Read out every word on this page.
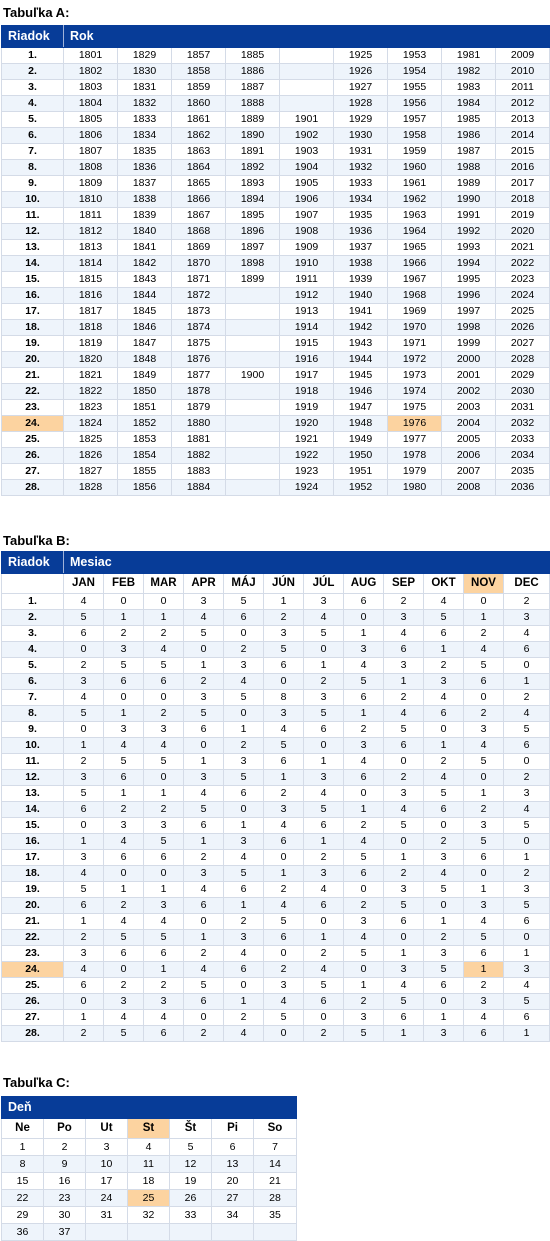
Tabuľka A:
Riadok	Rok								
1.	1801	1829	1857	1885		1925	1953	1981	2009
2.	1802	1830	1858	1886		1926	1954	1982	2010
3.	1803	1831	1859	1887		1927	1955	1983	2011
4.	1804	1832	1860	1888		1928	1956	1984	2012
5.	1805	1833	1861	1889	1901	1929	1957	1985	2013
6.	1806	1834	1862	1890	1902	1930	1958	1986	2014
7.	1807	1835	1863	1891	1903	1931	1959	1987	2015
8.	1808	1836	1864	1892	1904	1932	1960	1988	2016
9.	1809	1837	1865	1893	1905	1933	1961	1989	2017
10.	1810	1838	1866	1894	1906	1934	1962	1990	2018
11.	1811	1839	1867	1895	1907	1935	1963	1991	2019
12.	1812	1840	1868	1896	1908	1936	1964	1992	2020
13.	1813	1841	1869	1897	1909	1937	1965	1993	2021
14.	1814	1842	1870	1898	1910	1938	1966	1994	2022
15.	1815	1843	1871	1899	1911	1939	1967	1995	2023
16.	1816	1844	1872		1912	1940	1968	1996	2024
17.	1817	1845	1873		1913	1941	1969	1997	2025
18.	1818	1846	1874		1914	1942	1970	1998	2026
19.	1819	1847	1875		1915	1943	1971	1999	2027
20.	1820	1848	1876		1916	1944	1972	2000	2028
21.	1821	1849	1877	1900	1917	1945	1973	2001	2029
22.	1822	1850	1878		1918	1946	1974	2002	2030
23.	1823	1851	1879		1919	1947	1975	2003	2031
24.	1824	1852	1880		1920	1948	1976	2004	2032
25.	1825	1853	1881		1921	1949	1977	2005	2033
26.	1826	1854	1882		1922	1950	1978	2006	2034
27.	1827	1855	1883		1923	1951	1979	2007	2035
28.	1828	1856	1884		1924	1952	1980	2008	2036
Tabuľka B:
Riadok	Mesiac											
	JAN	FEB	MAR	APR	MÁJ	JÚN	JÚL	AUG	SEP	OKT	NOV	DEC
1.	4	0	0	3	5	1	3	6	2	4	0	2
2.	5	1	1	4	6	2	4	0	3	5	1	3
3.	6	2	2	5	0	3	5	1	4	6	2	4
4.	0	3	4	0	2	5	0	3	6	1	4	6
5.	2	5	5	1	3	6	1	4	3	2	5	0
6.	3	6	6	2	4	0	2	5	1	3	6	1
7.	4	0	0	3	5	8	3	6	2	4	0	2
8.	5	1	2	5	0	3	5	1	4	6	2	4
9.	0	3	3	6	1	4	6	2	5	0	3	5
10.	1	4	4	0	2	5	0	3	6	1	4	6
11.	2	5	5	1	3	6	1	4	0	2	5	0
12.	3	6	0	3	5	1	3	6	2	4	0	2
13.	5	1	1	4	6	2	4	0	3	5	1	3
14.	6	2	2	5	0	3	5	1	4	6	2	4
15.	0	3	3	6	1	4	6	2	5	0	3	5
16.	1	4	5	1	3	6	1	4	0	2	5	0
17.	3	6	6	2	4	0	2	5	1	3	6	1
18.	4	0	0	3	5	1	3	6	2	4	0	2
19.	5	1	1	4	6	2	4	0	3	5	1	3
20.	6	2	3	6	1	4	6	2	5	0	3	5
21.	1	4	4	0	2	5	0	3	6	1	4	6
22.	2	5	5	1	3	6	1	4	0	2	5	0
23.	3	6	6	2	4	0	2	5	1	3	6	1
24.	4	0	1	4	6	2	4	0	3	5	1	3
25.	6	2	2	5	0	3	5	1	4	6	2	4
26.	0	3	3	6	1	4	6	2	5	0	3	5
27.	1	4	4	0	2	5	0	3	6	1	4	6
28.	2	5	6	2	4	0	2	5	1	3	6	1
Tabuľka C:
Deň						
Ne	Po	Ut	St	Št	Pi	So
1	2	3	4	5	6	7
8	9	10	11	12	13	14
15	16	17	18	19	20	21
22	23	24	25	26	27	28
29	30	31	32	33	34	35
36	37					
